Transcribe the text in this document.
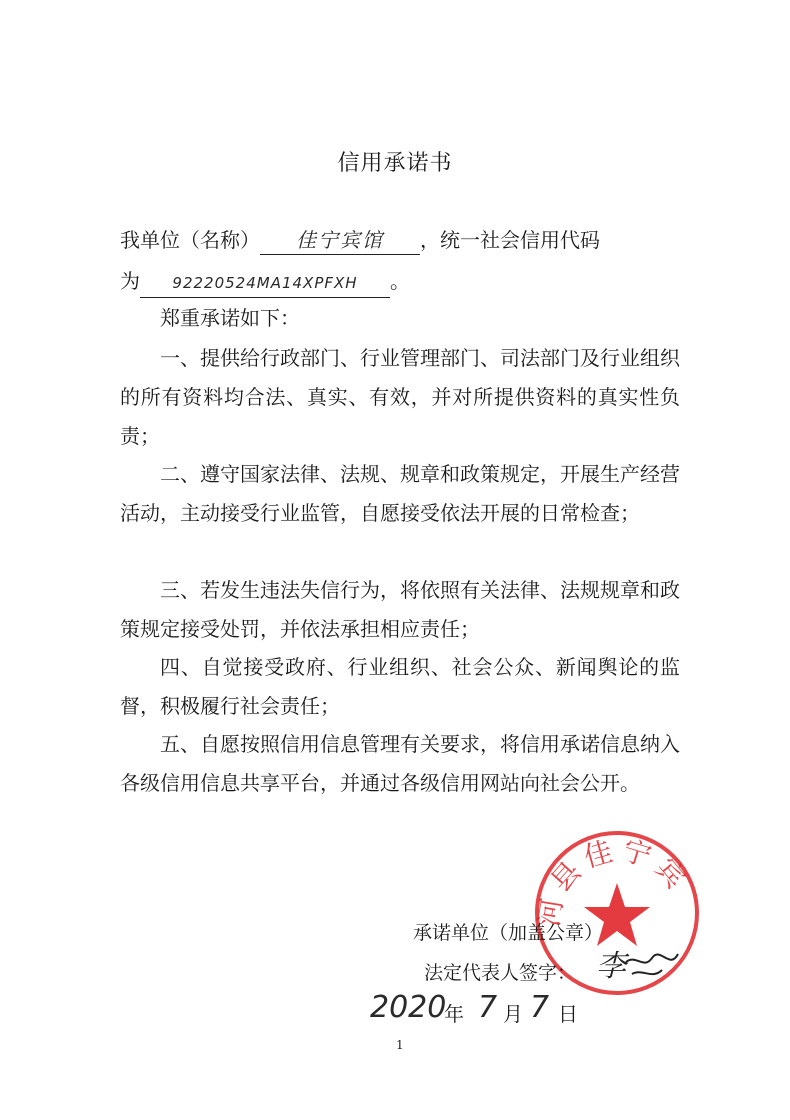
信用承诺书
我单位（名称） 佳宁宾馆 ，统一社会信用代码
为 92220524MA14XPFXH 。
郑重承诺如下：
一、提供给行政部门、行业管理部门、司法部门及行业组织的所有资料均合法、真实、有效，并对所提供资料的真实性负责；
二、遵守国家法律、法规、规章和政策规定，开展生产经营活动，主动接受行业监管，自愿接受依法开展的日常检查；
三、若发生违法失信行为，将依照有关法律、法规规章和政策规定接受处罚，并依法承担相应责任；
四、自觉接受政府、行业组织、社会公众、新闻舆论的监督，积极履行社会责任；
五、自愿按照信用信息管理有关要求，将信用承诺信息纳入各级信用信息共享平台，并通过各级信用网站向社会公开。
河县佳宁宾
承诺单位（加盖公章）
法定代表人签字： 李
2020
年 7 月 7 日
1
